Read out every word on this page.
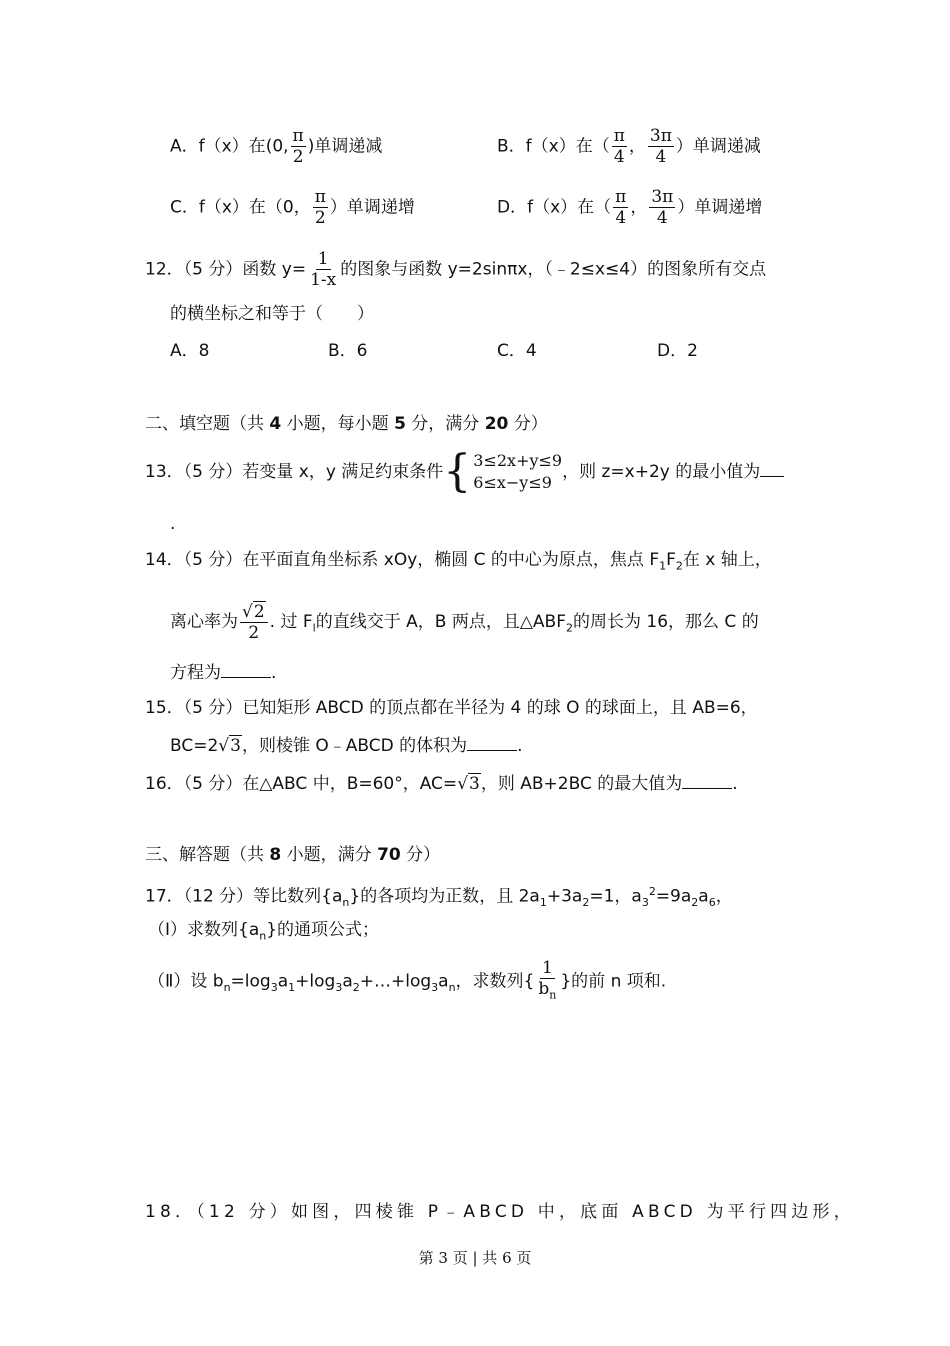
A．f（x）在(0, $\frac{\pi}{2}$ )单调递减	B．f（x）在（ $\frac{\pi}{4}$ ， $\frac{3\pi}{4}$ ）单调递减
C．f（x）在（0， $\frac{\pi}{2}$ ）单调递增	D．f（x）在（ $\frac{\pi}{4}$ ， $\frac{3\pi}{4}$ ）单调递增
12．（5 分）函数 $y= \frac{1}{1-x}$ 的图象与函数 y=2sinπx，（﹣2≤x≤4）的图象所有交点
的横坐标之和等于（　　）
A．8	B．6	C．4	D．2
二、填空题（共 4 小题，每小题 5 分，满分 20 分）
13．（5 分）若变量 x，y 满足约束条件 { 3≤2x+y≤9
6≤x−y≤9
，则 z=x+2y 的最小值为
.
14．（5 分）在平面直角坐标系 xOy，椭圆 C 的中心为原点，焦点 $F_1F_2$在 x 轴上，
离心率为 $\frac{√2}{2}$ . 过 $F_l$的直线交于 A，B 两点，且$\triangle ABF_2$的周长为 16，那么 C 的
方程为	.
15．（5 分）已知矩形 ABCD 的顶点都在半径为 4 的球 O 的球面上，且 AB=6，
BC=2√3，则棱锥 O﹣ABCD 的体积为	.
16．（5 分）在△ABC 中，B=60°，AC=√3，则 AB+2BC 的最大值为	.
三、解答题（共 8 小题，满分 70 分）
17．（12 分）等比数列$\{a_n\}$的各项均为正数，且 $2a_1+3a_2=1$，$a_3^2=9a_2a_6$，
（Ⅰ）求数列$\{a_n\}$的通项公式；
（Ⅱ）设 $b_n=\log_3a_1+\log_3a_2+\dots+\log_3a_n$，求数列{ $\frac{1}{b_n}$ }的前 n 项和.
18．（12 分）如图，四棱锥 P﹣ABCD 中，底面 ABCD 为平行四边形，
第 3 页 | 共 6 页
